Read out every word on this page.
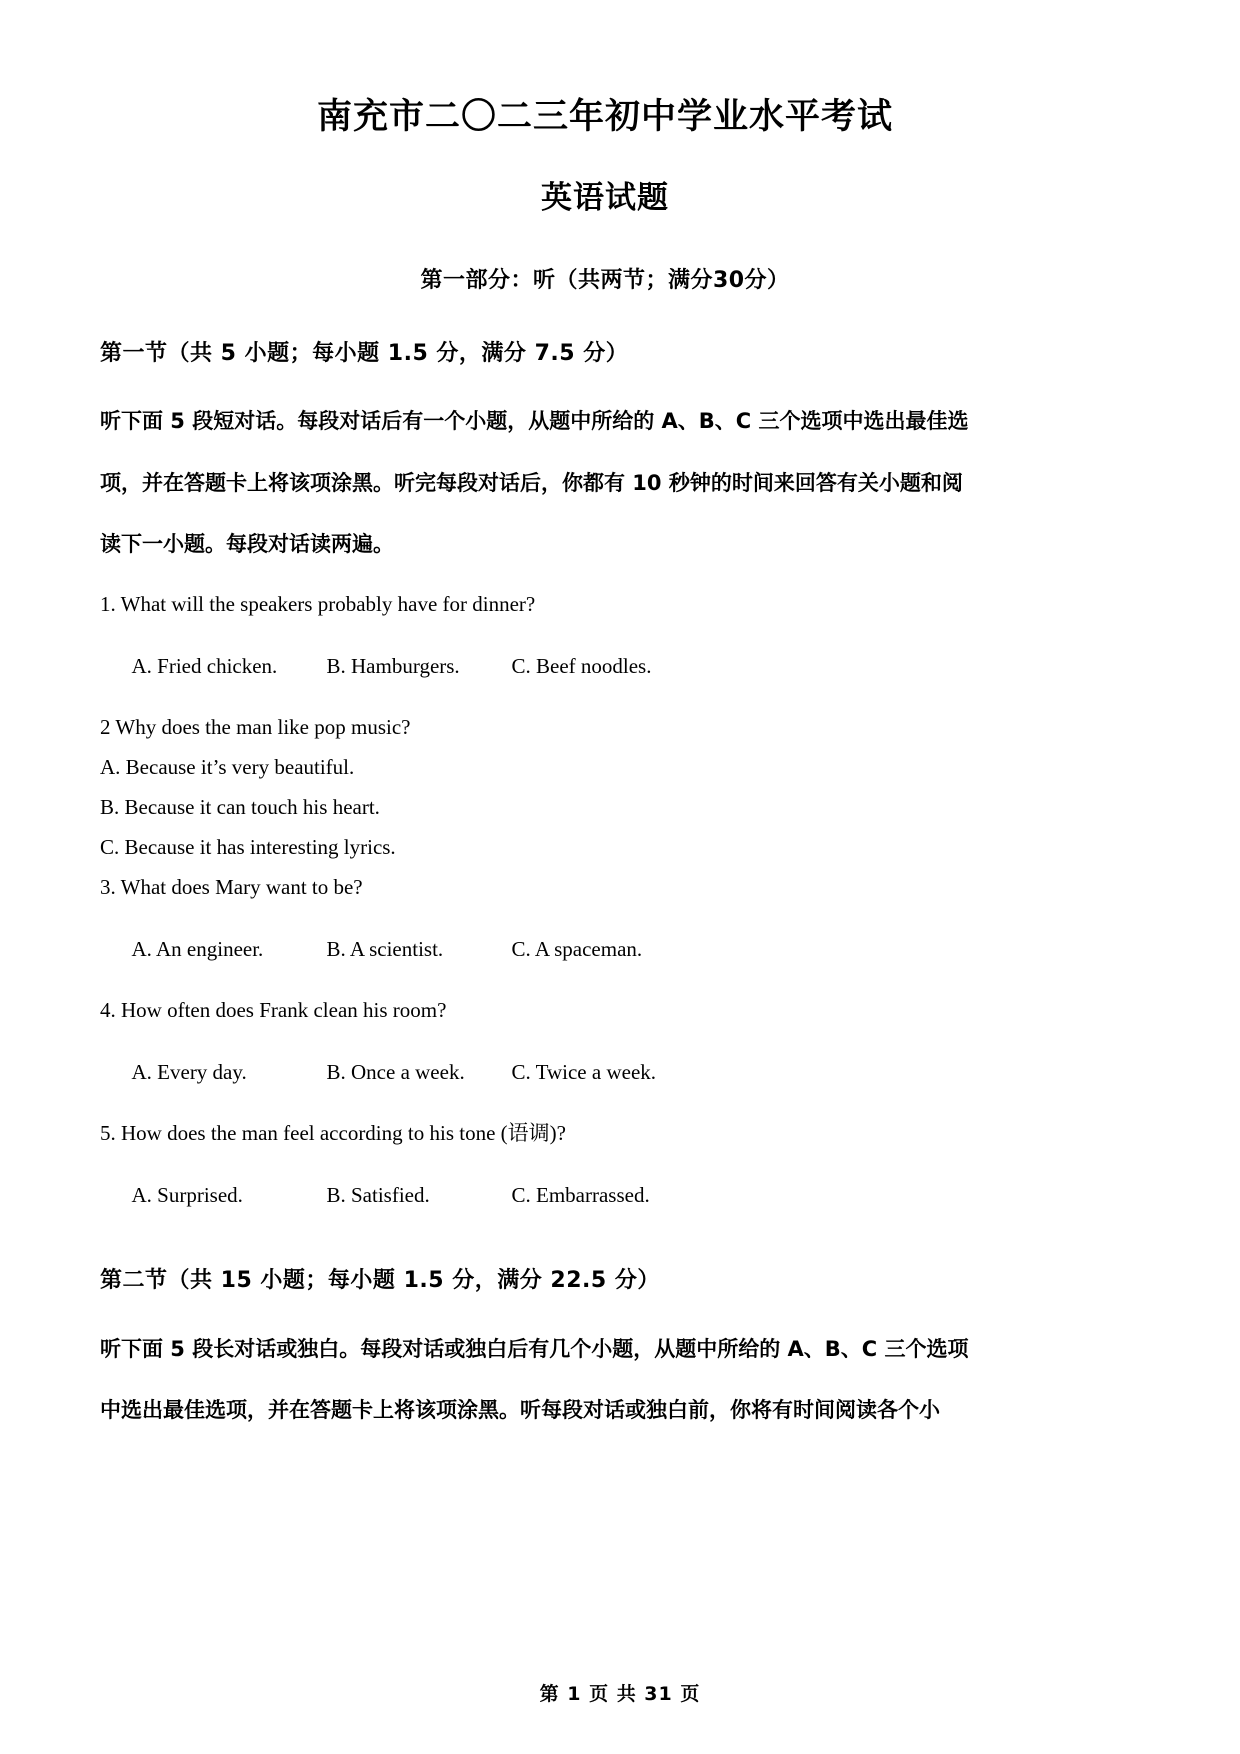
南充市二〇二三年初中学业水平考试
英语试题

第一部分：听（共两节；满分30分）

第一节（共 5 小题；每小题 1.5 分，满分 7.5 分）

听下面 5 段短对话。每段对话后有一个小题，从题中所给的 A、B、C 三个选项中选出最佳选

项，并在答题卡上将该项涂黑。听完每段对话后，你都有 10 秒钟的时间来回答有关小题和阅

读下一小题。每段对话读两遍。

1. What will the speakers probably have for dinner?

A. Fried chicken. B. Hamburgers. C. Beef noodles.

2 Why does the man like pop music?

A. Because it’s very beautiful.

B. Because it can touch his heart.

C. Because it has interesting lyrics.

3. What does Mary want to be?

A. An engineer.	B. A scientist.	C. A spaceman.

4. How often does Frank clean his room?

A. Every day.	B. Once a week. C. Twice a week.

5. How does the man feel according to his tone (语调)?

A. Surprised.	B. Satisfied.	C. Embarrassed.

第二节（共 15 小题；每小题 1.5 分，满分 22.5 分）

听下面 5 段长对话或独白。每段对话或独白后有几个小题，从题中所给的 A、B、C 三个选项

中选出最佳选项，并在答题卡上将该项涂黑。听每段对话或独白前，你将有时间阅读各个小

第 1 页 共 31 页
